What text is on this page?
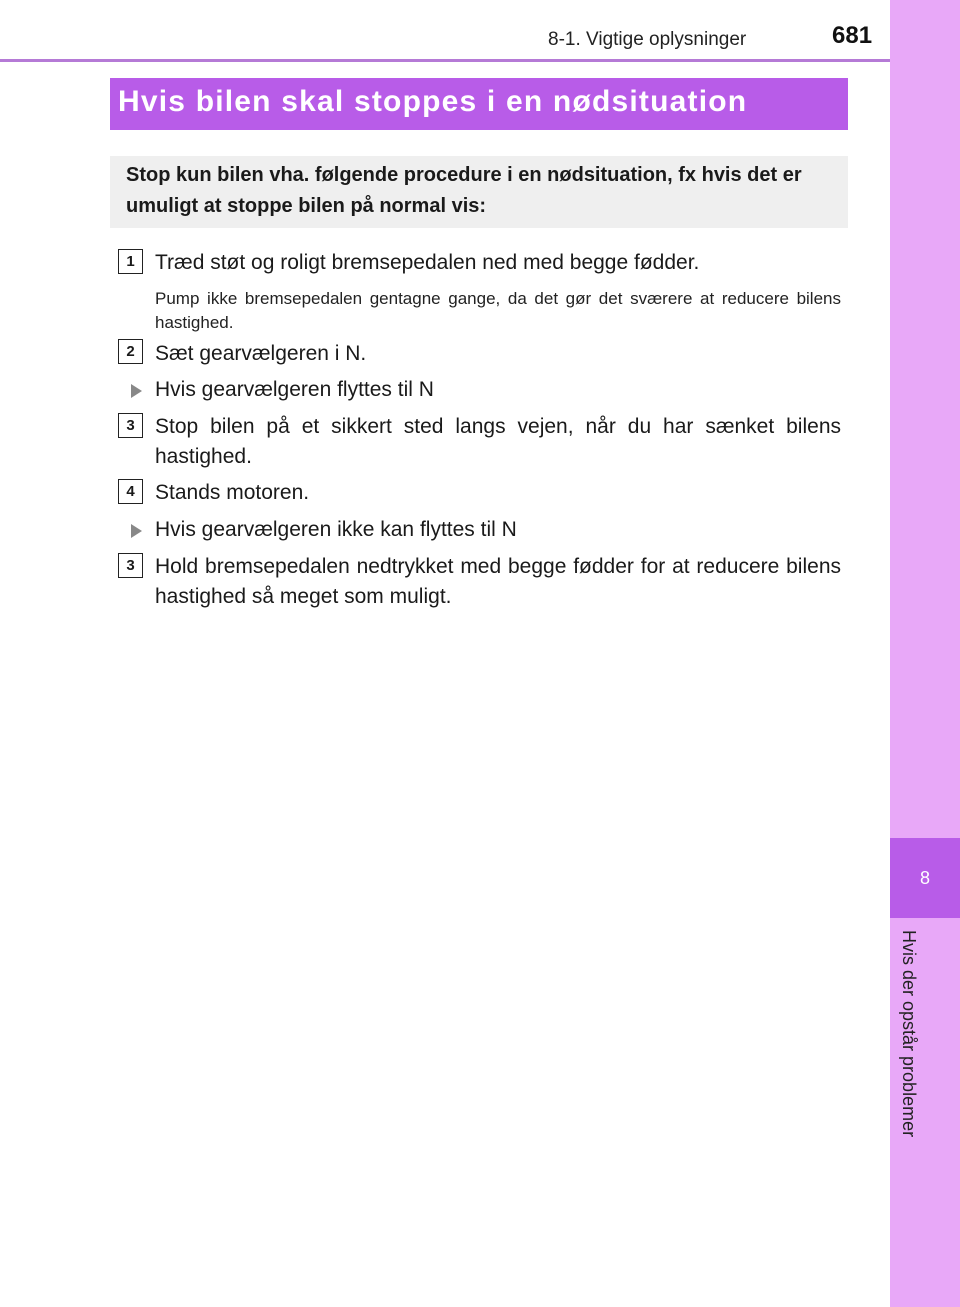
8-1. Vigtige oplysninger	681
8
Hvis der opstår problemer
Hvis bilen skal stoppes i en nødsituation
Stop kun bilen vha. følgende procedure i en nødsituation, fx hvis det er umuligt at stoppe bilen på normal vis:
1 Træd støt og roligt bremsepedalen ned med begge fødder.
Pump ikke bremsepedalen gentagne gange, da det gør det sværere at reducere bilens hastighed.
2 Sæt gearvælgeren i N.
Hvis gearvælgeren flyttes til N
3 Stop bilen på et sikkert sted langs vejen, når du har sænket bilens hastighed.
4 Stands motoren.
Hvis gearvælgeren ikke kan flyttes til N
3 Hold bremsepedalen nedtrykket med begge fødder for at reducere bilens hastighed så meget som muligt.
